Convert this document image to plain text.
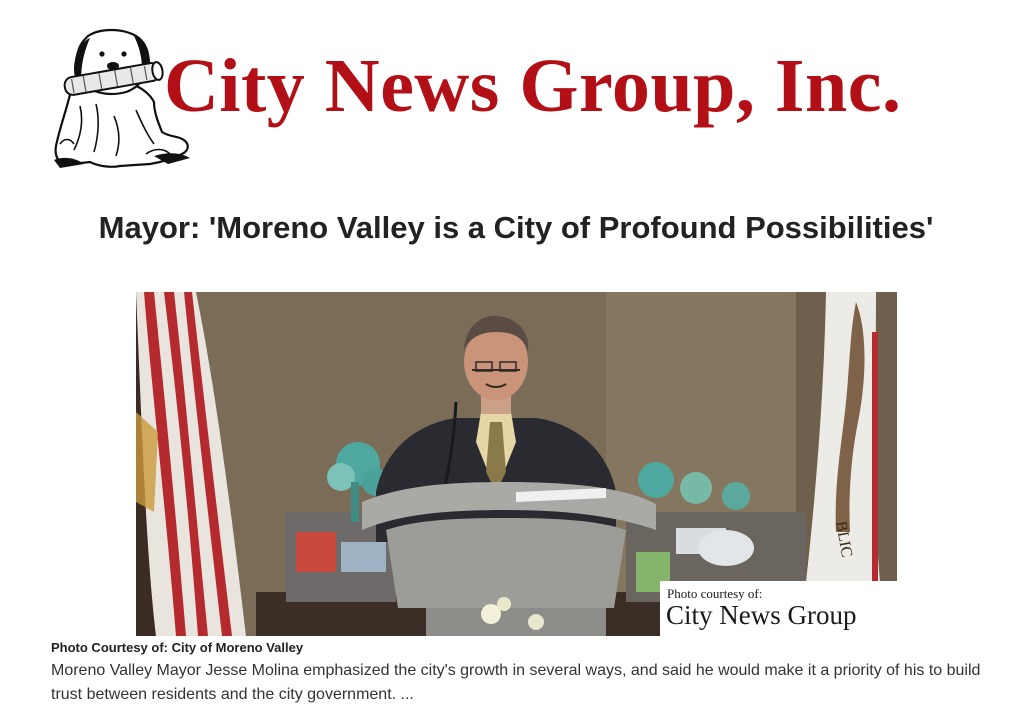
City News Group, Inc.
Mayor: 'Moreno Valley is a City of Profound Possibilities'
BLIC
Photo courtesy of:
City News Group
Photo Courtesy of: City of Moreno Valley
Moreno Valley Mayor Jesse Molina emphasized the city's growth in several ways, and said he would make it a priority of his to build trust between residents and the city government. ...
